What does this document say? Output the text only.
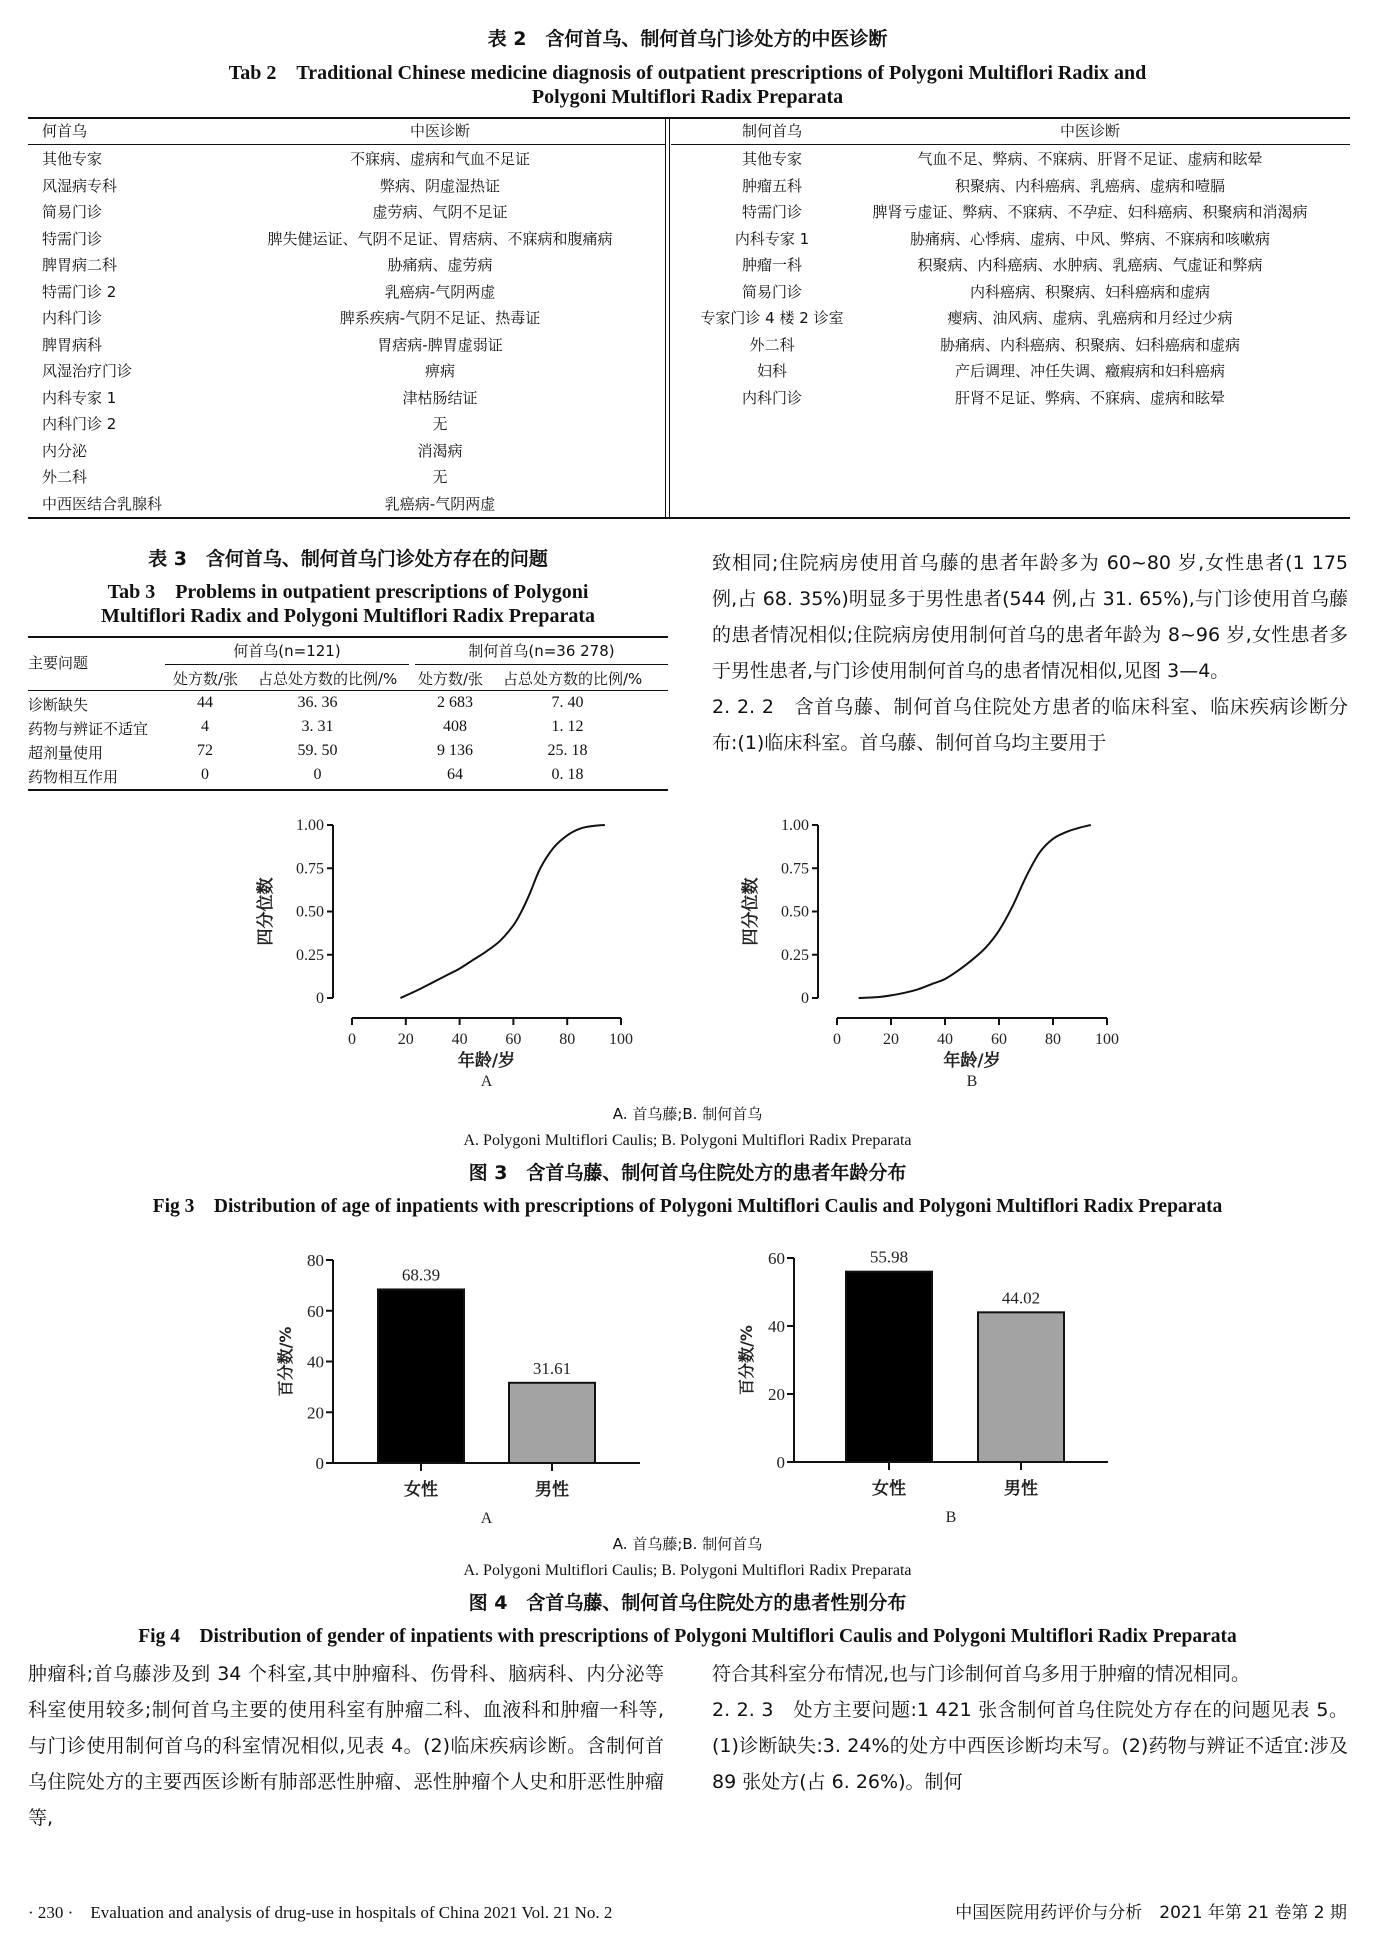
表 2　含何首乌、制何首乌门诊处方的中医诊断
Tab 2　Traditional Chinese medicine diagnosis of outpatient prescriptions of Polygoni Multiflori Radix and
Polygoni Multiflori Radix Preparata
何首乌	中医诊断	制何首乌	中医诊断
其他专家	不寐病、虚病和气血不足证
风湿病专科	弊病、阴虚湿热证
简易门诊	虚劳病、气阴不足证
特需门诊	脾失健运证、气阴不足证、胃痞病、不寐病和腹痛病
脾胃病二科	胁痛病、虚劳病
特需门诊 2	乳癌病-气阴两虚
内科门诊	脾系疾病-气阴不足证、热毒证
脾胃病科	胃痞病-脾胃虚弱证
风湿治疗门诊	痹病
内科专家 1	津枯肠结证
内科门诊 2	无
内分泌	消渴病
外二科	无
中西医结合乳腺科	乳癌病-气阴两虚
其他专家	气血不足、弊病、不寐病、肝肾不足证、虚病和眩晕
肿瘤五科	积聚病、内科癌病、乳癌病、虚病和噎膈
特需门诊	脾肾亏虚证、弊病、不寐病、不孕症、妇科癌病、积聚病和消渴病
内科专家 1	胁痛病、心悸病、虚病、中风、弊病、不寐病和咳嗽病
肿瘤一科	积聚病、内科癌病、水肿病、乳癌病、气虚证和弊病
简易门诊	内科癌病、积聚病、妇科癌病和虚病
专家门诊 4 楼 2 诊室	瘿病、油风病、虚病、乳癌病和月经过少病
外二科	胁痛病、内科癌病、积聚病、妇科癌病和虚病
妇科	产后调理、冲任失调、癥瘕病和妇科癌病
内科门诊	肝肾不足证、弊病、不寐病、虚病和眩晕
表 3　含何首乌、制何首乌门诊处方存在的问题
Tab 3　Problems in outpatient prescriptions of Polygoni
Multiflori Radix and Polygoni Multiflori Radix Preparata
主要问题
何首乌(n=121)	制何首乌(n=36 278)
处方数/张 占总处方数的比例/% 处方数/张 占总处方数的比例/%
诊断缺失	44	36. 36	2 683	7. 40
药物与辨证不适宜	4	3. 31	408	1. 12
超剂量使用	72	59. 50	9 136	25. 18
药物相互作用	0	0	64	0. 18

致相同;住院病房使用首乌藤的患者年龄多为 60~80 岁,女性患者(1 175 例,占 68. 35%)明显多于男性患者(544 例,占 31. 65%),与门诊使用首乌藤的患者情况相似;住院病房使用制何首乌的患者年龄为 8~96 岁,女性患者多于男性患者,与门诊使用制何首乌的患者情况相似,见图 3—4。

2. 2. 2　含首乌藤、制何首乌住院处方患者的临床科室、临床疾病诊断分布:(1)临床科室。首乌藤、制何首乌均主要用于

0
0.25
0.50
0.75
1.00
0	20 40 60 80 100
年龄/岁
A
四分位数
0
0.25
0.50
0.75
1.00
0	20 40 60 80 100
年龄/岁
B
四分位数
A. 首乌藤;B. 制何首乌
A. Polygoni Multiflori Caulis; B. Polygoni Multiflori Radix Preparata
图 3　含首乌藤、制何首乌住院处方的患者年龄分布
Fig 3　Distribution of age of inpatients with prescriptions of Polygoni Multiflori Caulis and Polygoni Multiflori Radix Preparata
0
20
40
60
80
68.39
女性
31.61
男性
A
百分数/%
0
20
40
60	55.98
女性
44.02
男性
B
百分数/%
A. 首乌藤;B. 制何首乌
A. Polygoni Multiflori Caulis; B. Polygoni Multiflori Radix Preparata
图 4　含首乌藤、制何首乌住院处方的患者性别分布
Fig 4　Distribution of gender of inpatients with prescriptions of Polygoni Multiflori Caulis and Polygoni Multiflori Radix Preparata

肿瘤科;首乌藤涉及到 34 个科室,其中肿瘤科、伤骨科、脑病科、内分泌等科室使用较多;制何首乌主要的使用科室有肿瘤二科、血液科和肿瘤一科等,与门诊使用制何首乌的科室情况相似,见表 4。(2)临床疾病诊断。含制何首乌住院处方的主要西医诊断有肺部恶性肿瘤、恶性肿瘤个人史和肝恶性肿瘤等,

符合其科室分布情况,也与门诊制何首乌多用于肿瘤的情况相同。

2. 2. 3　处方主要问题:1 421 张含制何首乌住院处方存在的问题见表 5。(1)诊断缺失:3. 24%的处方中西医诊断均未写。(2)药物与辨证不适宜:涉及 89 张处方(占 6. 26%)。制何

· 230 ·　Evaluation and analysis of drug-use in hospitals of China 2021 Vol. 21 No. 2	中国医院用药评价与分析　2021 年第 21 卷第 2 期
